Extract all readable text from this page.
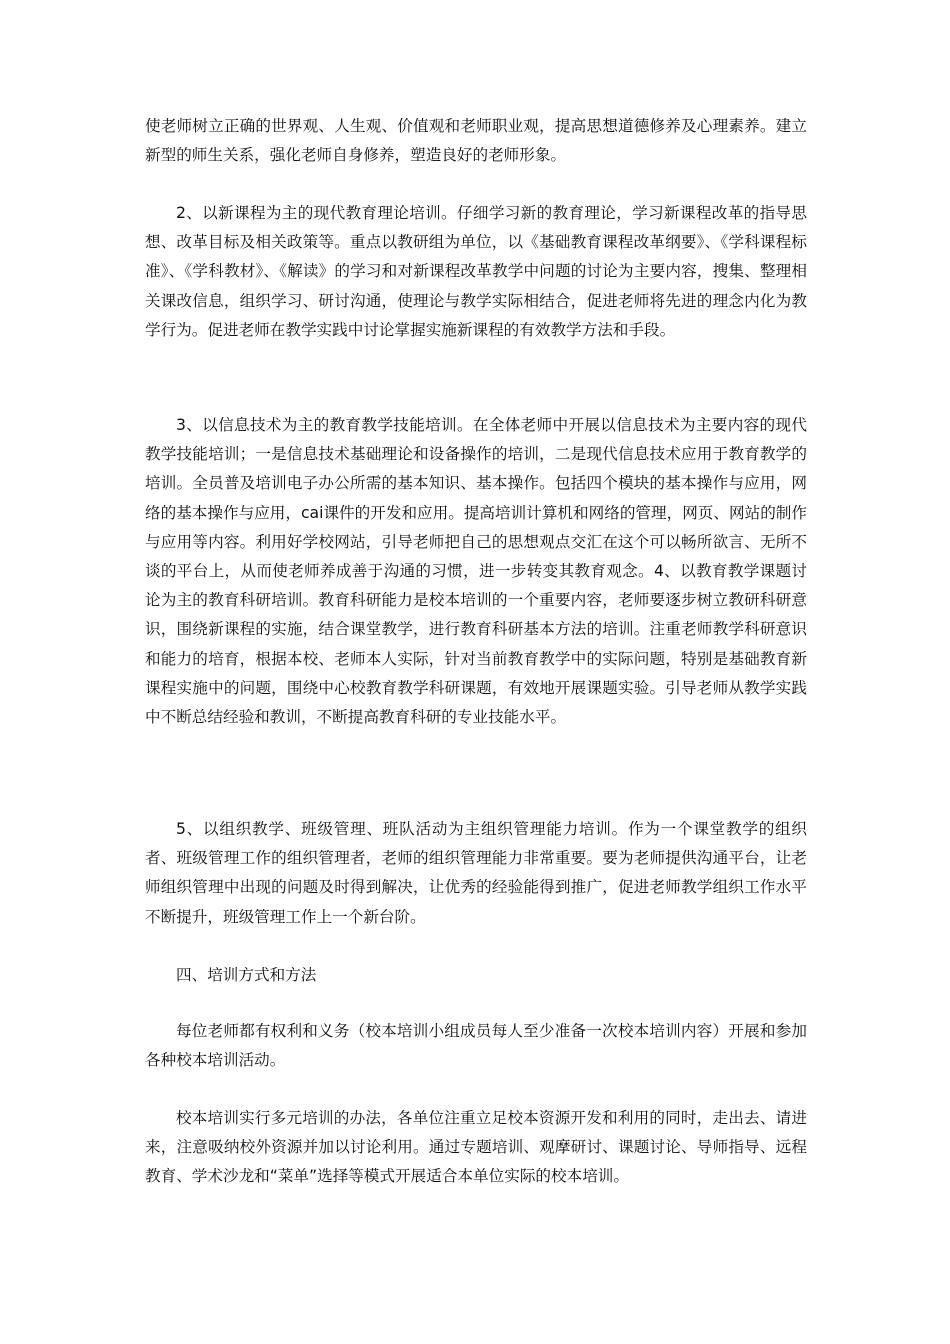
使老师树立正确的世界观、人生观、价值观和老师职业观，提高思想道德修养及心理素养。建立新型的师生关系，强化老师自身修养，塑造良好的老师形象。

2、以新课程为主的现代教育理论培训。仔细学习新的教育理论，学习新课程改革的指导思想、改革目标及相关政策等。重点以教研组为单位，以《基础教育课程改革纲要》、《学科课程标准》、《学科教材》、《解读》的学习和对新课程改革教学中问题的讨论为主要内容，搜集、整理相关课改信息，组织学习、研讨沟通，使理论与教学实际相结合，促进老师将先进的理念内化为教学行为。促进老师在教学实践中讨论掌握实施新课程的有效教学方法和手段。

3、以信息技术为主的教育教学技能培训。在全体老师中开展以信息技术为主要内容的现代教学技能培训；一是信息技术基础理论和设备操作的培训，二是现代信息技术应用于教育教学的培训。全员普及培训电子办公所需的基本知识、基本操作。包括四个模块的基本操作与应用，网络的基本操作与应用，cai课件的开发和应用。提高培训计算机和网络的管理，网页、网站的制作与应用等内容。利用好学校网站，引导老师把自己的思想观点交汇在这个可以畅所欲言、无所不谈的平台上，从而使老师养成善于沟通的习惯，进一步转变其教育观念。4、以教育教学课题讨论为主的教育科研培训。教育科研能力是校本培训的一个重要内容，老师要逐步树立教研科研意识，围绕新课程的实施，结合课堂教学，进行教育科研基本方法的培训。注重老师教学科研意识和能力的培育，根据本校、老师本人实际，针对当前教育教学中的实际问题，特别是基础教育新课程实施中的问题，围绕中心校教育教学科研课题，有效地开展课题实验。引导老师从教学实践中不断总结经验和教训，不断提高教育科研的专业技能水平。

5、以组织教学、班级管理、班队活动为主组织管理能力培训。作为一个课堂教学的组织者、班级管理工作的组织管理者，老师的组织管理能力非常重要。要为老师提供沟通平台，让老师组织管理中出现的问题及时得到解决，让优秀的经验能得到推广，促进老师教学组织工作水平不断提升，班级管理工作上一个新台阶。

四、培训方式和方法

每位老师都有权利和义务（校本培训小组成员每人至少准备一次校本培训内容）开展和参加各种校本培训活动。

校本培训实行多元培训的办法，各单位注重立足校本资源开发和利用的同时，走出去、请进来，注意吸纳校外资源并加以讨论利用。通过专题培训、观摩研讨、课题讨论、导师指导、远程教育、学术沙龙和“菜单”选择等模式开展适合本单位实际的校本培训。
